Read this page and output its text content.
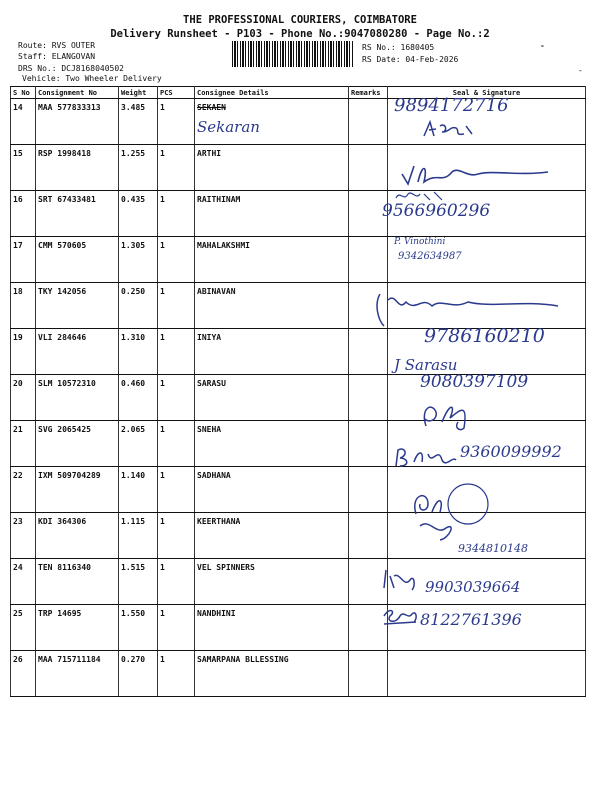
THE PROFESSIONAL COURIERS, COIMBATORE
Delivery Runsheet - P103 - Phone No.:9047080280 - Page No.:2
Route: RVS OUTER
Staff: ELANGOVAN
DRS No.: DCJ8168040502
Vehicle: Two Wheeler Delivery
RS No.: 1680405
RS Date: 04-Feb-2026
˚
-
S No	Consignment No	Weight	PCS	Consignee Details	Remarks	Seal & Signature
14	MAA 577833313	3.485	1	SEKAEN		
15	RSP 1998418	1.255	1	ARTHI		
16	SRT 67433481	0.435	1	RAITHINAM		
17	CMM 570605	1.305	1	MAHALAKSHMI		
18	TKY 142056	0.250	1	ABINAVAN		
19	VLI 284646	1.310	1	INIYA		
20	SLM 10572310	0.460	1	SARASU		
21	SVG 2065425	2.065	1	SNEHA		
22	IXM 509704289	1.140	1	SADHANA		
23	KDI 364306	1.115	1	KEERTHANA		
24	TEN 8116340	1.515	1	VEL SPINNERS		
25	TRP 14695	1.550	1	NANDHINI		
26	MAA 715711184	0.270	1	SAMARPANA BLLESSING		
Sekaran
9894172716
9566960296
P. Vinothini
9342634987
9786160210
J Sarasu
9080397109
9360099992
9344810148
9903039664
8122761396
